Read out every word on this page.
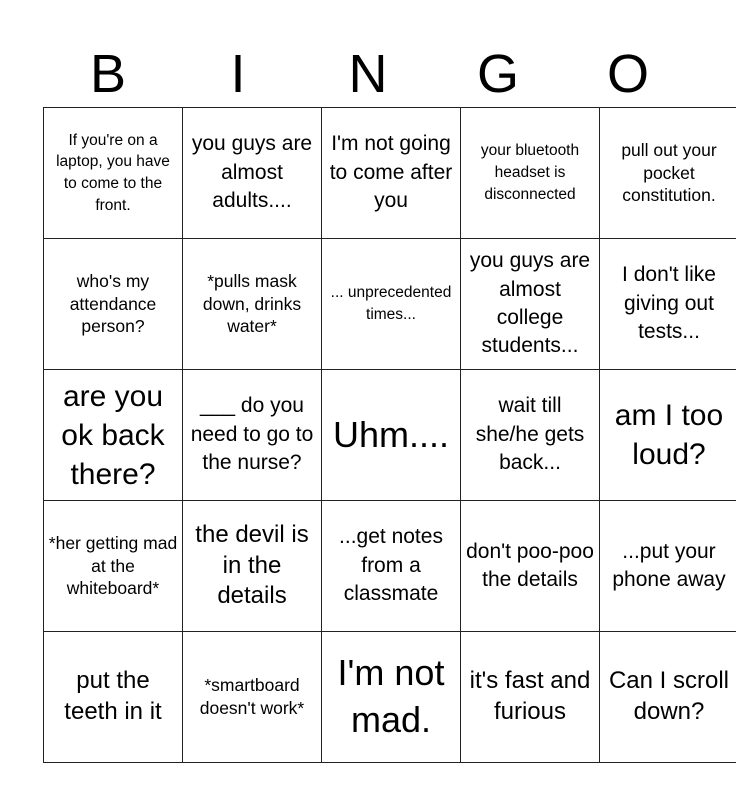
B	I	N	G	O
If you're on a laptop, you have to come to the front.	you guys are almost adults....	I'm not going to come after you	your bluetooth headset is disconnected	pull out your pocket constitution.

who's my attendance person?	*pulls mask down, drinks water*	... unprecedented times...	you guys are almost college students...	I don't like giving out tests...

are you ok back there?	___ do you need to go to the nurse?	Uhm....	wait till she/he gets back...	am I too loud?

*her getting mad at the whiteboard*	the devil is in the details	...get notes from a classmate	don't poo-poo the details	...put your phone away

put the teeth in it	*smartboard doesn't work*	I'm not mad.	it's fast and furious	Can I scroll down?
